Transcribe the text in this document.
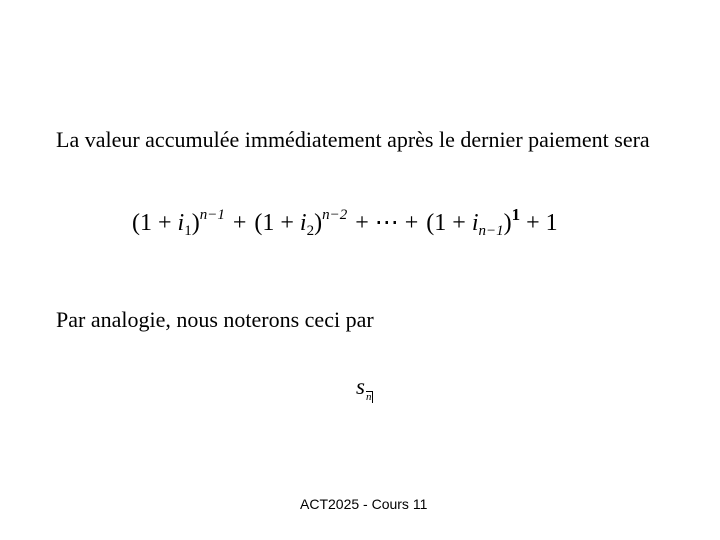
La valeur accumulée immédiatement après le dernier paiement sera
$(1 + i_1)^{n-1} + (1 + i_2)^{n-2}$ + ⋯ + $(1 + i_{n-1})^1 + 1$
Par analogie, nous noterons ceci par
sn
ACT2025 - Cours 11
